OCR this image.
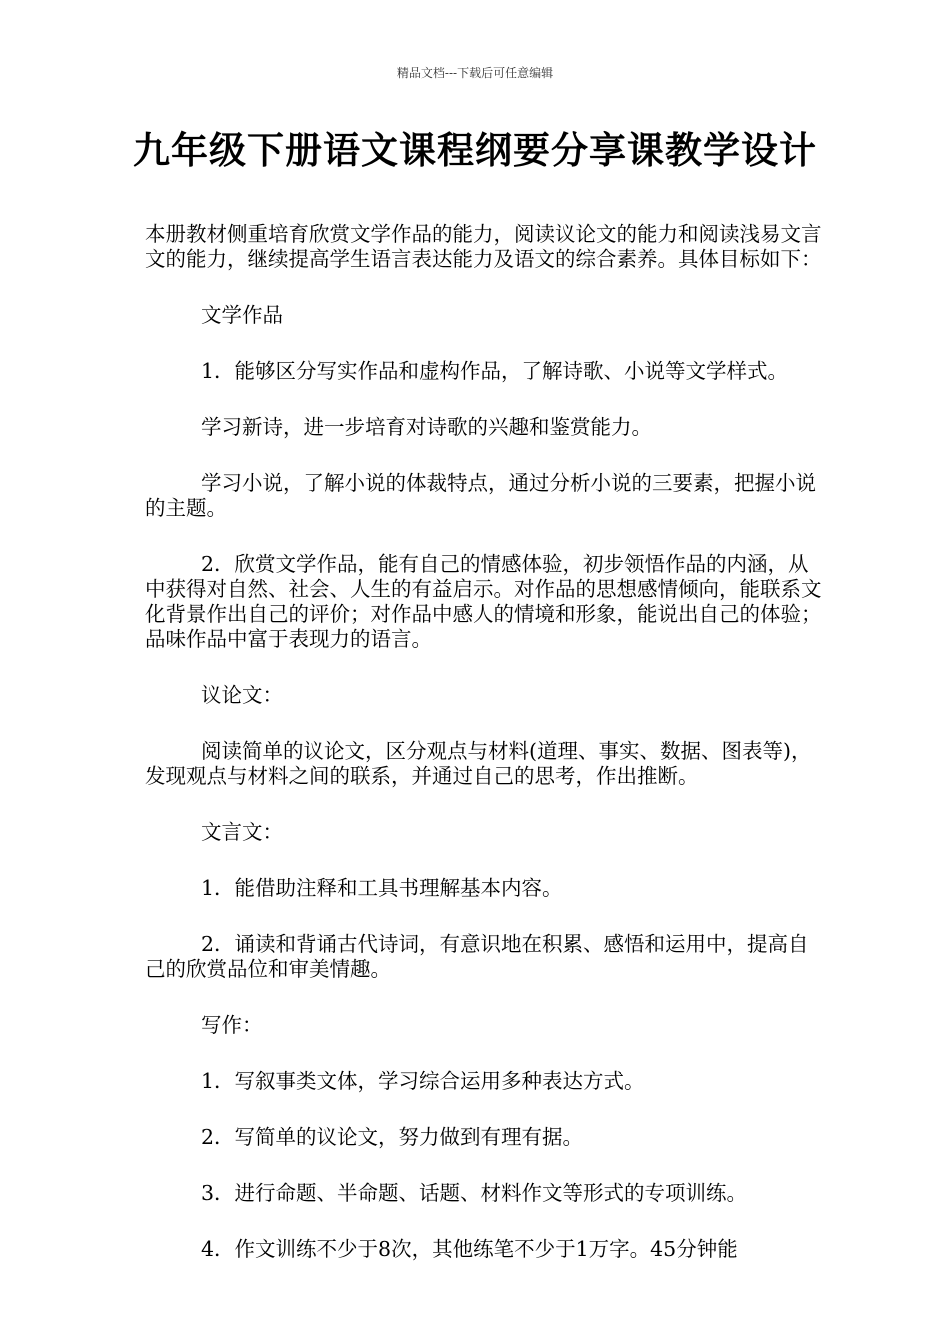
精品文档---下载后可任意编辑
九年级下册语文课程纲要分享课教学设计

本册教材侧重培育欣赏文学作品的能力，阅读议论文的能力和阅读浅易文言文的能力，继续提高学生语言表达能力及语文的综合素养。具体目标如下：

文学作品

1．能够区分写实作品和虚构作品，了解诗歌、小说等文学样式。

学习新诗，进一步培育对诗歌的兴趣和鉴赏能力。

学习小说，了解小说的体裁特点，通过分析小说的三要素，把握小说的主题。

2．欣赏文学作品，能有自己的情感体验，初步领悟作品的内涵，从中获得对自然、社会、人生的有益启示。对作品的思想感情倾向，能联系文化背景作出自己的评价；对作品中感人的情境和形象，能说出自己的体验；品味作品中富于表现力的语言。

议论文：

阅读简单的议论文，区分观点与材料(道理、事实、数据、图表等)，发现观点与材料之间的联系，并通过自己的思考，作出推断。

文言文：

1．能借助注释和工具书理解基本内容。

2．诵读和背诵古代诗词，有意识地在积累、感悟和运用中，提高自己的欣赏品位和审美情趣。

写作：

1．写叙事类文体，学习综合运用多种表达方式。

2．写简单的议论文，努力做到有理有据。

3．进行命题、半命题、话题、材料作文等形式的专项训练。

4．作文训练不少于8次，其他练笔不少于1万字。45分钟能
